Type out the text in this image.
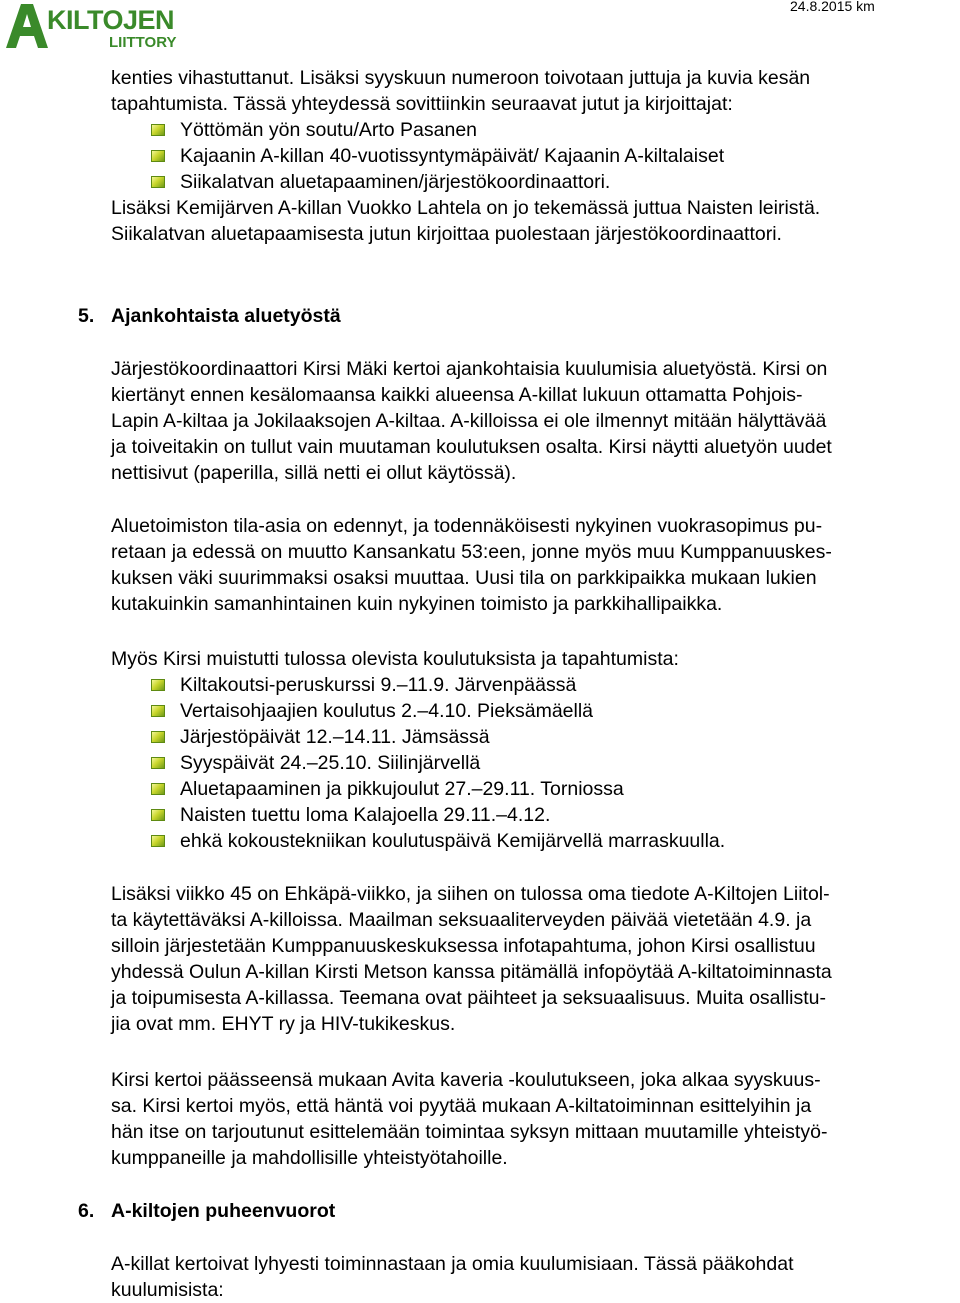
KILTOJEN
LIITTORY
24.8.2015 km

kenties vihastuttanut. Lisäksi syyskuun numeroon toivotaan juttuja ja kuvia kesän

tapahtumista. Tässä yhteydessä sovittiinkin seuraavat jutut ja kirjoittajat:

Yöttömän yön soutu/Arto Pasanen
Kajaanin A-killan 40-vuotissyntymäpäivät/ Kajaanin A-kiltalaiset
Siikalatvan aluetapaaminen/järjestökoordinaattori.

Lisäksi Kemijärven A-killan Vuokko Lahtela on jo tekemässä juttua Naisten leiristä.

Siikalatvan aluetapaamisesta jutun kirjoittaa puolestaan järjestökoordinaattori.

5. Ajankohtaista aluetyöstä

Järjestökoordinaattori Kirsi Mäki kertoi ajankohtaisia kuulumisia aluetyöstä. Kirsi on

kiertänyt ennen kesälomaansa kaikki alueensa A-killat lukuun ottamatta Pohjois-

Lapin A-kiltaa ja Jokilaaksojen A-kiltaa. A-killoissa ei ole ilmennyt mitään hälyttävää

ja toiveitakin on tullut vain muutaman koulutuksen osalta. Kirsi näytti aluetyön uudet

nettisivut (paperilla, sillä netti ei ollut käytössä).

Aluetoimiston tila-asia on edennyt, ja todennäköisesti nykyinen vuokrasopimus pu-

retaan ja edessä on muutto Kansankatu 53:een, jonne myös muu Kumppanuuskes-

kuksen väki suurimmaksi osaksi muuttaa. Uusi tila on parkkipaikka mukaan lukien

kutakuinkin samanhintainen kuin nykyinen toimisto ja parkkihallipaikka.

Myös Kirsi muistutti tulossa olevista koulutuksista ja tapahtumista:

Kiltakoutsi-peruskurssi 9.–11.9. Järvenpäässä
Vertaisohjaajien koulutus 2.–4.10. Pieksämäellä
Järjestöpäivät 12.–14.11. Jämsässä
Syyspäivät 24.–25.10. Siilinjärvellä
Aluetapaaminen ja pikkujoulut 27.–29.11. Torniossa
Naisten tuettu loma Kalajoella 29.11.–4.12.
ehkä kokoustekniikan koulutuspäivä Kemijärvellä marraskuulla.

Lisäksi viikko 45 on Ehkäpä-viikko, ja siihen on tulossa oma tiedote A-Kiltojen Liitol-

ta käytettäväksi A-killoissa. Maailman seksuaaliterveyden päivää vietetään 4.9. ja

silloin järjestetään Kumppanuuskeskuksessa infotapahtuma, johon Kirsi osallistuu

yhdessä Oulun A-killan Kirsti Metson kanssa pitämällä infopöytää A-kiltatoiminnasta

ja toipumisesta A-killassa. Teemana ovat päihteet ja seksuaalisuus. Muita osallistu-

jia ovat mm. EHYT ry ja HIV-tukikeskus.

Kirsi kertoi päässeensä mukaan Avita kaveria -koulutukseen, joka alkaa syyskuus-

sa. Kirsi kertoi myös, että häntä voi pyytää mukaan A-kiltatoiminnan esittelyihin ja

hän itse on tarjoutunut esittelemään toimintaa syksyn mittaan muutamille yhteistyö-

kumppaneille ja mahdollisille yhteistyötahoille.

6. A-kiltojen puheenvuorot

A-killat kertoivat lyhyesti toiminnastaan ja omia kuulumisiaan. Tässä pääkohdat

kuulumisista:
